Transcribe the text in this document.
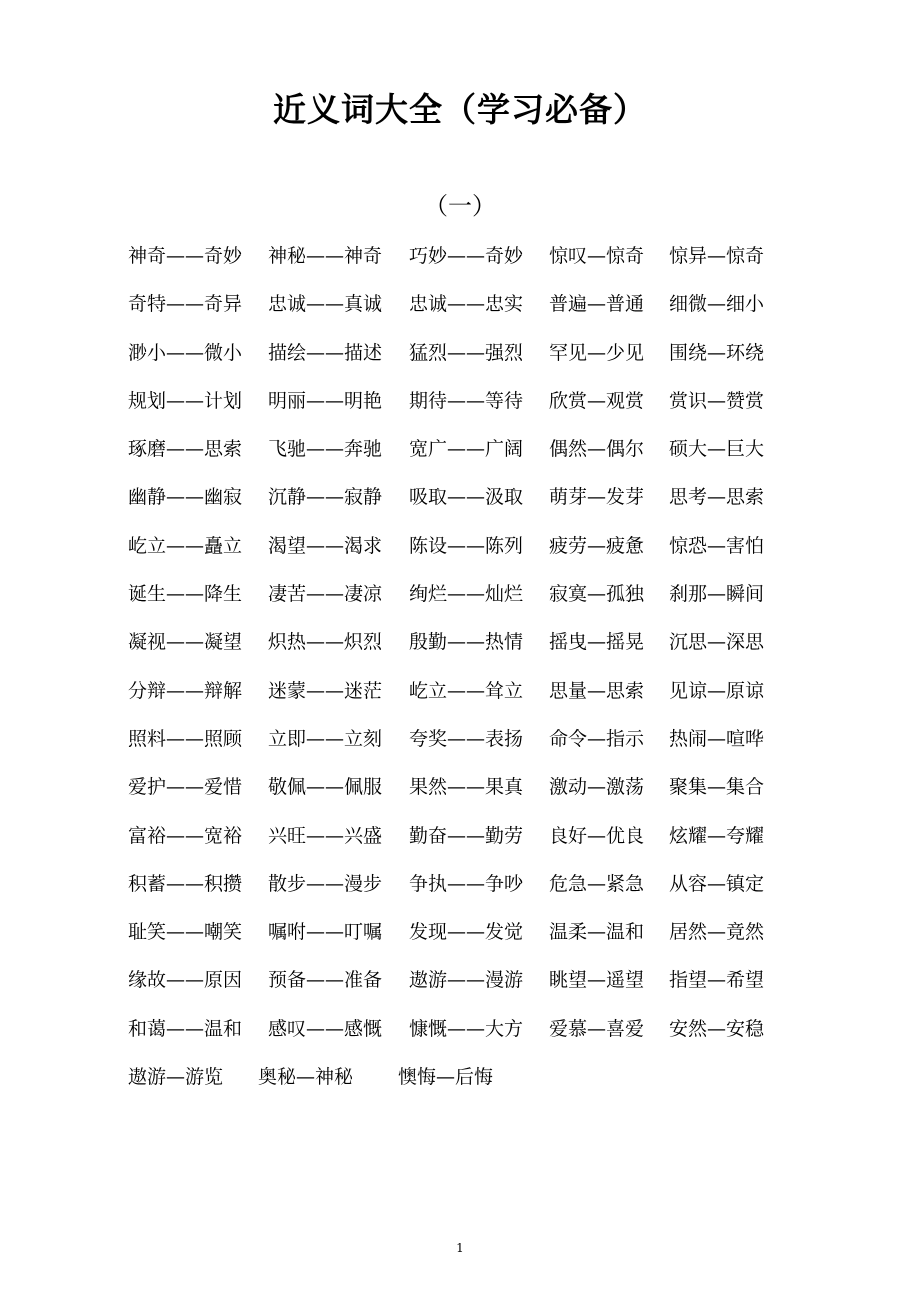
近义词大全（学习必备）
（一）
神奇——奇妙	神秘——神奇	巧妙——奇妙	惊叹—惊奇	惊异—惊奇
奇特——奇异	忠诚——真诚	忠诚——忠实	普遍—普通	细微—细小
渺小——微小	描绘——描述	猛烈——强烈	罕见—少见	围绕—环绕
规划——计划	明丽——明艳	期待——等待	欣赏—观赏	赏识—赞赏
琢磨——思索	飞驰——奔驰	宽广——广阔	偶然—偶尔	硕大—巨大
幽静——幽寂	沉静——寂静	吸取——汲取	萌芽—发芽	思考—思索
屹立——矗立	渴望——渴求	陈设——陈列	疲劳—疲惫	惊恐—害怕
诞生——降生	凄苦——凄凉	绚烂——灿烂	寂寞—孤独	刹那—瞬间
凝视——凝望	炽热——炽烈	殷勤——热情	摇曳—摇晃	沉思—深思
分辩——辩解	迷蒙——迷茫	屹立——耸立	思量—思索	见谅—原谅
照料——照顾	立即——立刻	夸奖——表扬	命令—指示	热闹—喧哗
爱护——爱惜	敬佩——佩服	果然——果真	激动—激荡	聚集—集合
富裕——宽裕	兴旺——兴盛	勤奋——勤劳	良好—优良	炫耀—夸耀
积蓄——积攒	散步——漫步	争执——争吵	危急—紧急	从容—镇定
耻笑——嘲笑	嘱咐——叮嘱	发现——发觉	温柔—温和	居然—竟然
缘故——原因	预备——准备	遨游——漫游	眺望—遥望	指望—希望
和蔼——温和	感叹——感慨	慷慨——大方	爱慕—喜爱	安然—安稳
遨游—游览	奥秘—神秘	懊悔—后悔
1
